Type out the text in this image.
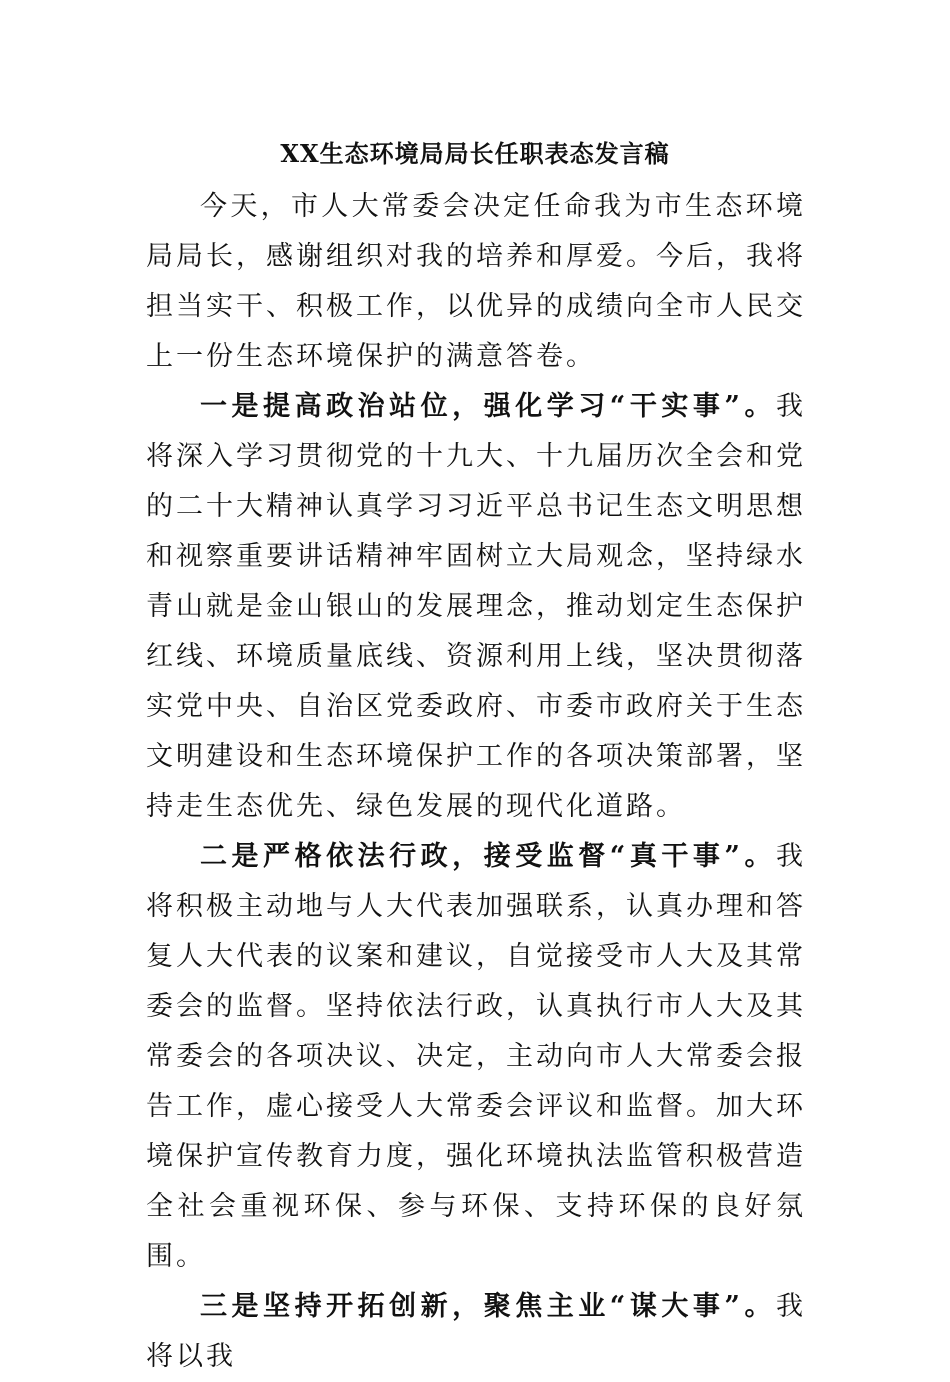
XX生态环境局局长任职表态发言稿

今天，市人大常委会决定任命我为市生态环境局局长，感谢组织对我的培养和厚爱。今后，我将担当实干、积极工作，以优异的成绩向全市人民交上一份生态环境保护的满意答卷。

一是提高政治站位，强化学习“干实事”。我将深入学习贯彻党的十九大、十九届历次全会和党的二十大精神认真学习习近平总书记生态文明思想和视察重要讲话精神牢固树立大局观念，坚持绿水青山就是金山银山的发展理念，推动划定生态保护红线、环境质量底线、资源利用上线，坚决贯彻落实党中央、自治区党委政府、市委市政府关于生态文明建设和生态环境保护工作的各项决策部署，坚持走生态优先、绿色发展的现代化道路。

二是严格依法行政，接受监督“真干事”。我将积极主动地与人大代表加强联系，认真办理和答复人大代表的议案和建议，自觉接受市人大及其常委会的监督。坚持依法行政，认真执行市人大及其常委会的各项决议、决定，主动向市人大常委会报告工作，虚心接受人大常委会评议和监督。加大环境保护宣传教育力度，强化环境执法监管积极营造全社会重视环保、参与环保、支持环保的良好氛围。

三是坚持开拓创新，聚焦主业“谋大事”。我将以我
